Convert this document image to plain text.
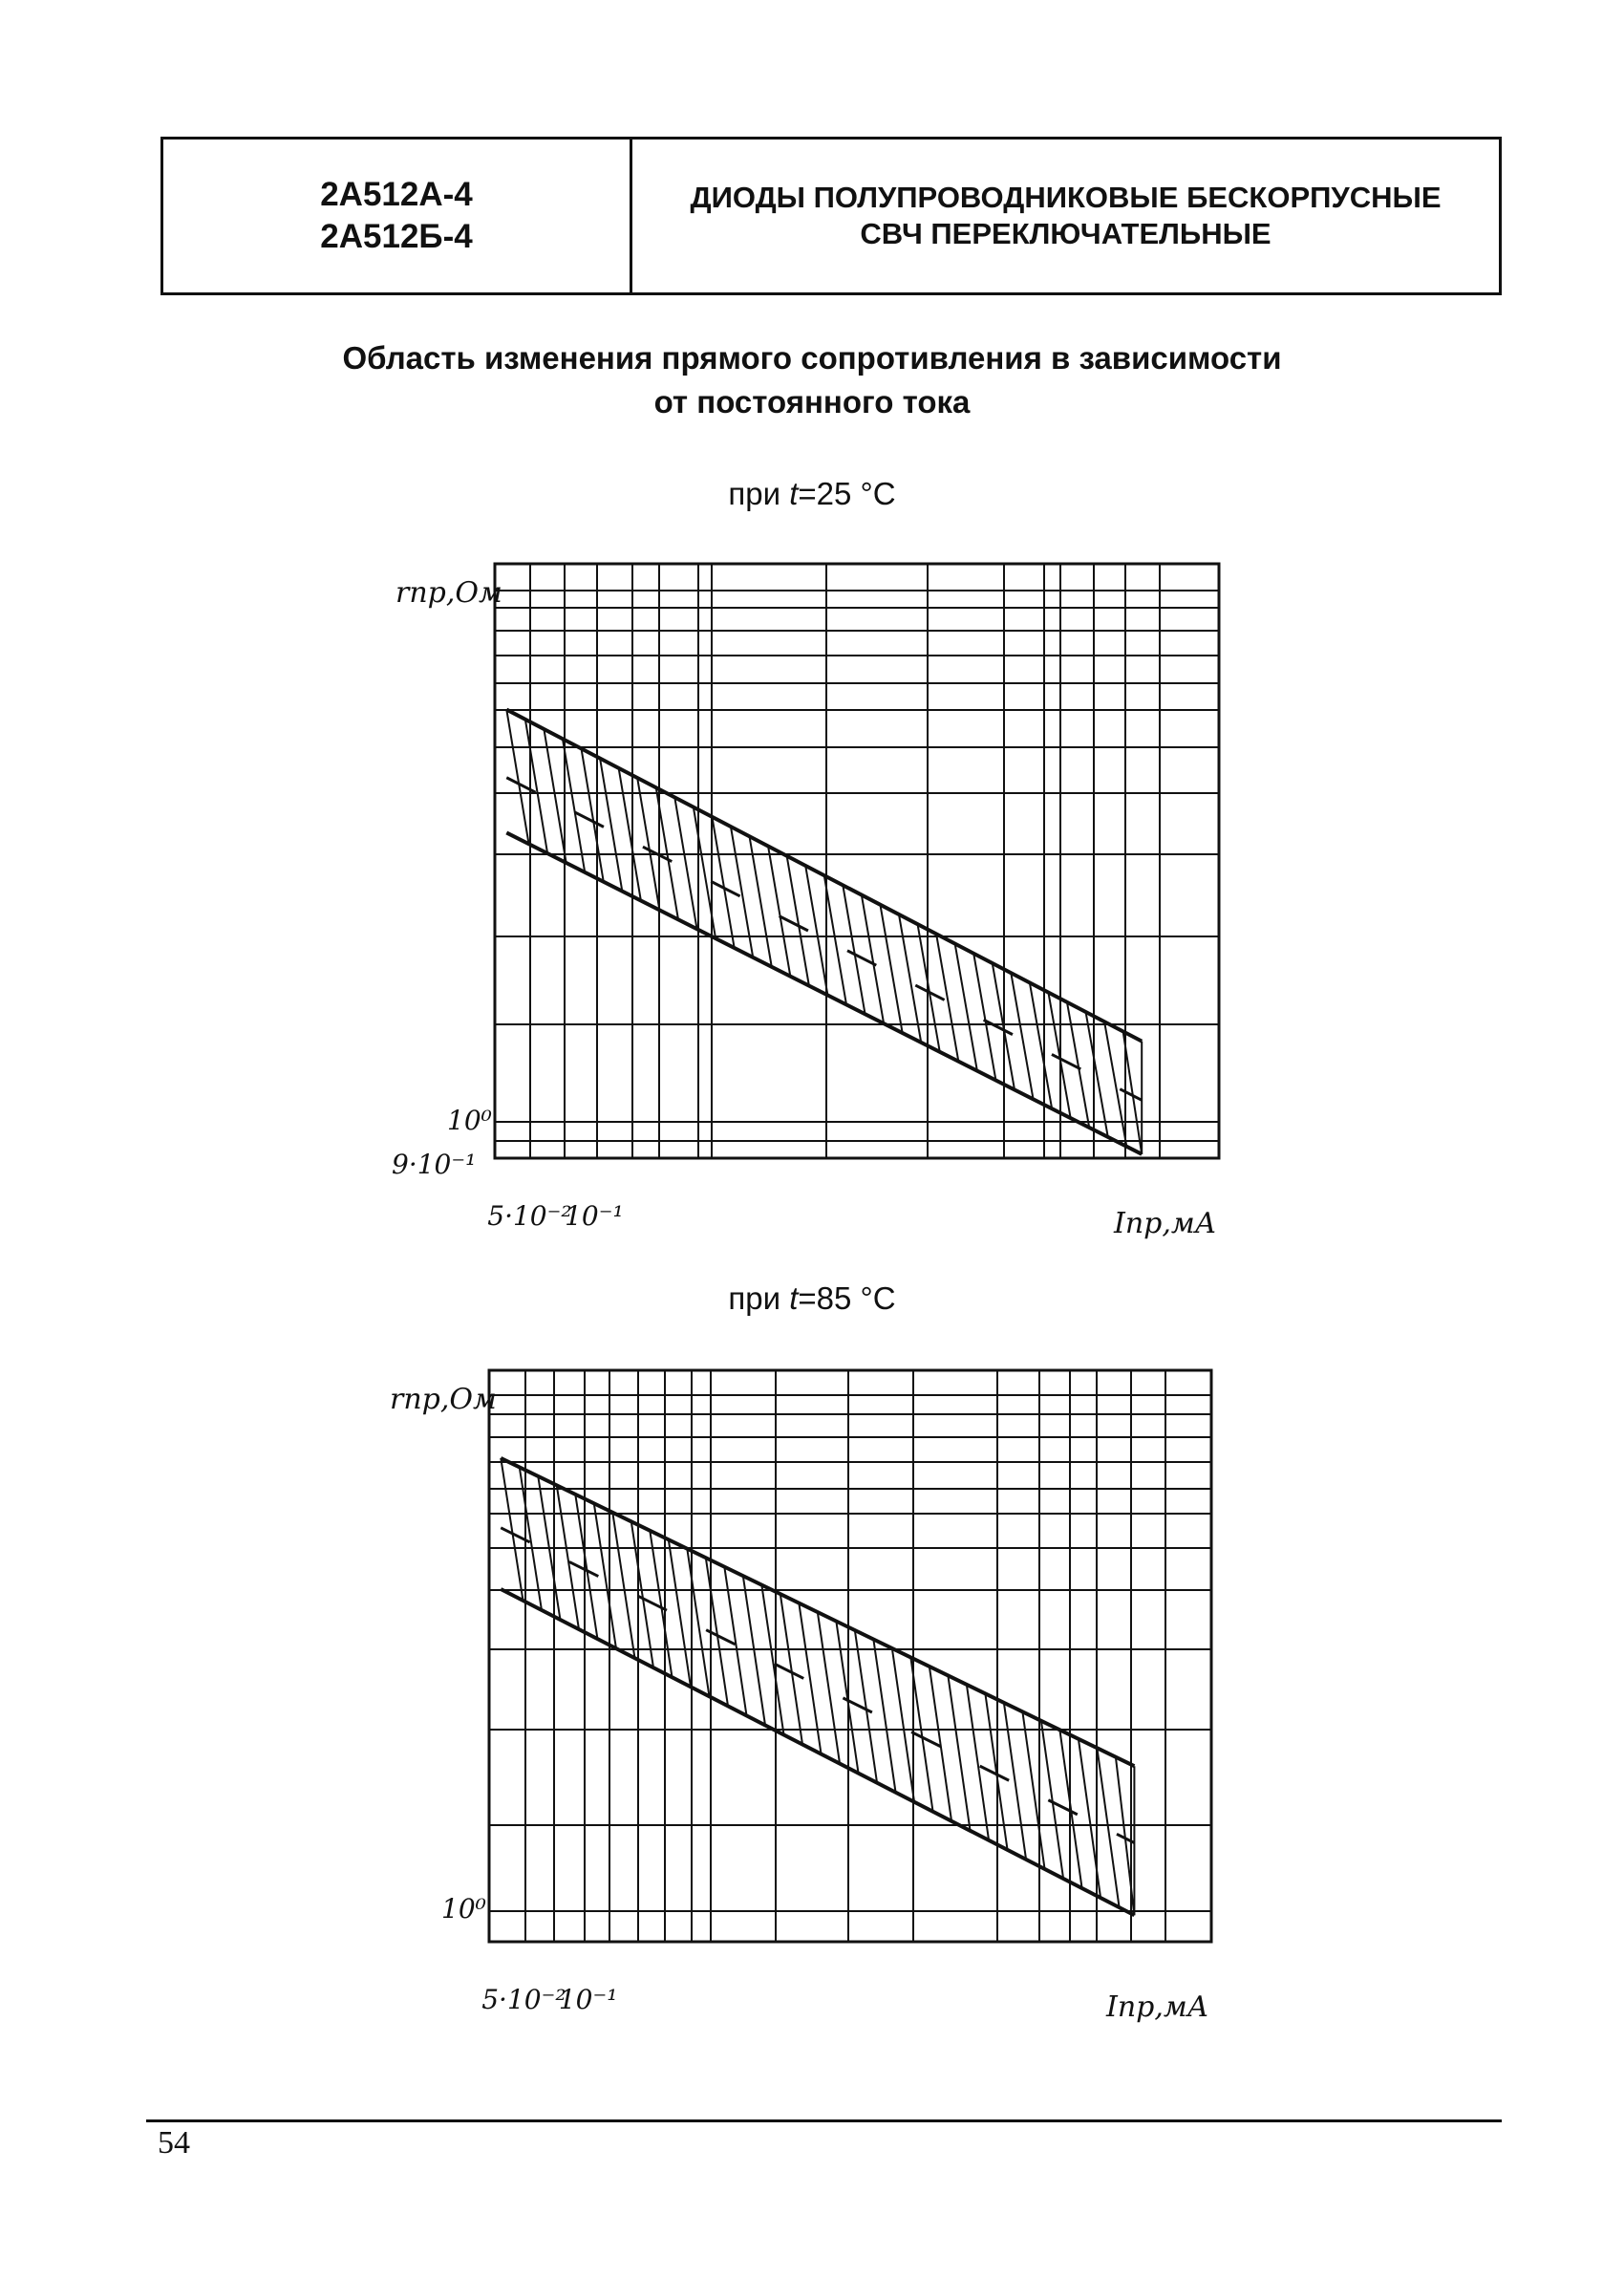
2А512А-4
2А512Б-4
ДИОДЫ ПОЛУПРОВОДНИКОВЫЕ БЕСКОРПУСНЫЕ
СВЧ ПЕРЕКЛЮЧАТЕЛЬНЫЕ
Область изменения прямого сопротивления в зависимости
от постоянного тока
при t=25 °C
rпр,Ом
Iпр,мА
5·10⁻²
10⁻¹
10⁰
9·10⁻¹
при t=85 °C
rпр,Ом
Iпр,мА
5·10⁻²
10⁻¹
10⁰
54
